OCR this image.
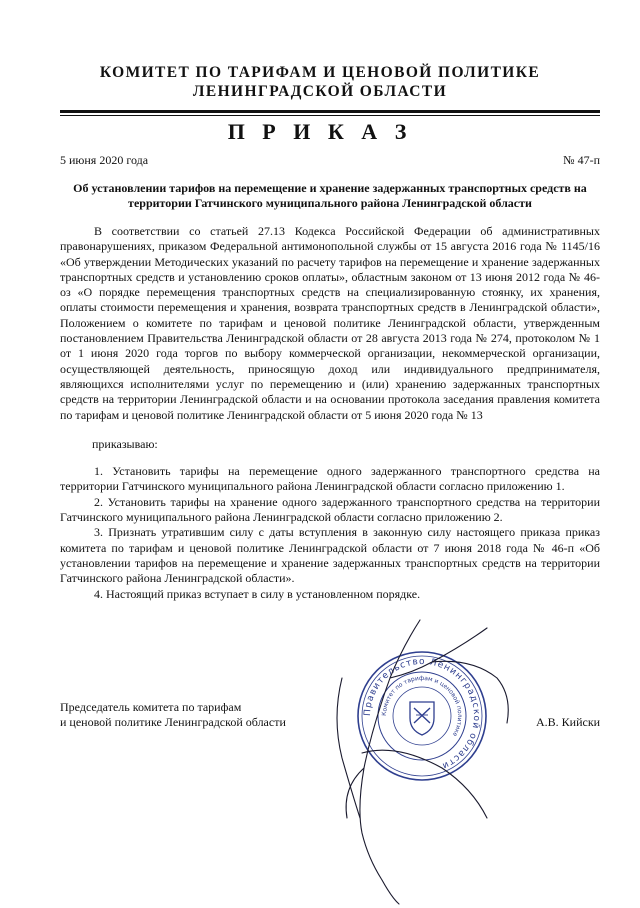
КОМИТЕТ ПО ТАРИФАМ И ЦЕНОВОЙ ПОЛИТИКЕ
ЛЕНИНГРАДСКОЙ ОБЛАСТИ
П Р И К А З
5 июня 2020 года	№ 47-п
Об установлении тарифов на перемещение и хранение задержанных транспортных средств на территории Гатчинского муниципального района Ленинградской области

В соответствии со статьей 27.13 Кодекса Российской Федерации об административных правонарушениях, приказом Федеральной антимонопольной службы от 15 августа 2016 года № 1145/16 «Об утверждении Методических указаний по расчету тарифов на перемещение и хранение задержанных транспортных средств и установлению сроков оплаты», областным законом от 13 июня 2012 года № 46-оз «О порядке перемещения транспортных средств на специализированную стоянку, их хранения, оплаты стоимости перемещения и хранения, возврата транспортных средств в Ленинградской области», Положением о комитете по тарифам и ценовой политике Ленинградской области, утвержденным постановлением Правительства Ленинградской области от 28 августа 2013 года № 274, протоколом № 1 от 1 июня 2020 года торгов по выбору коммерческой организации, некоммерческой организации, осуществляющей деятельность, приносящую доход или индивидуального предпринимателя, являющихся исполнителями услуг по перемещению и (или) хранению задержанных транспортных средств на территории Ленинградской области и на основании протокола заседания правления комитета по тарифам и ценовой политике Ленинградской области от 5 июня 2020 года № 13

приказываю:

1. Установить тарифы на перемещение одного задержанного транспортного средства на территории Гатчинского муниципального района Ленинградской области согласно приложению 1.

2. Установить тарифы на хранение одного задержанного транспортного средства на территории Гатчинского муниципального района Ленинградской области согласно приложению 2.

3. Признать утратившим силу с даты вступления в законную силу настоящего приказа приказ комитета по тарифам и ценовой политике Ленинградской области от 7 июня 2018 года № 46-п «Об установлении тарифов на перемещение и хранение задержанных транспортных средств на территории Гатчинского района Ленинградской области».

4. Настоящий приказ вступает в силу в установленном порядке.

Председатель комитета по тарифам
и ценовой политике Ленинградской области	А.В. Кийски
Правительство Ленинградской области
Комитет по тарифам и ценовой политике
